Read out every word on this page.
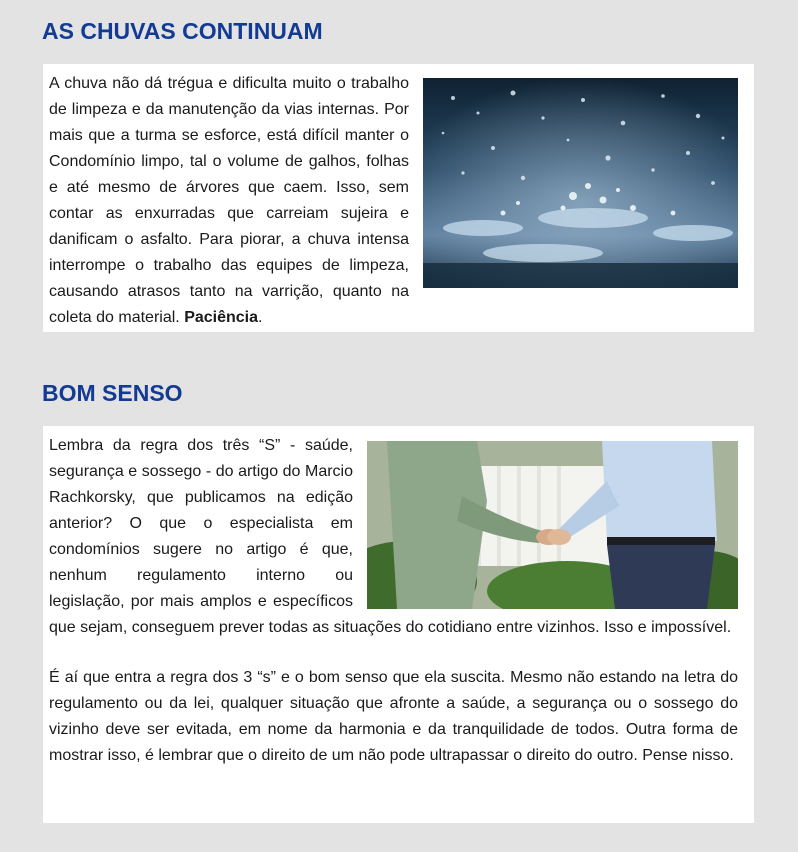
AS CHUVAS CONTINUAM

A chuva não dá trégua e dificulta muito o trabalho de limpeza e da manutenção da vias internas. Por mais que a turma se esforce, está difícil manter o Condomínio limpo, tal o volume de galhos, folhas e até mesmo de árvores que caem. Isso, sem contar as enxurradas que carreiam sujeira e danificam o asfalto. Para piorar, a chuva intensa interrompe o trabalho das equipes de limpeza, causando atrasos tanto na varrição, quanto na coleta do material. Paciência.

BOM SENSO

Lembra da regra dos três “S” - saúde, segurança e sossego - do artigo do Marcio Rachkorsky, que publicamos na edição anterior? O que o especialista em condomínios sugere no artigo é que, nenhum regulamento interno ou legislação, por mais amplos e específicos que sejam, conseguem prever todas as situações do cotidiano entre vizinhos. Isso e impossível.

É aí que entra a regra dos 3 “s” e o bom senso que ela suscita. Mesmo não estando na letra do regulamento ou da lei, qualquer situação que afronte a saúde, a segurança ou o sossego do vizinho deve ser evitada, em nome da harmonia e da tranquilidade de todos. Outra forma de mostrar isso, é lembrar que o direito de um não pode ultrapassar o direito do outro. Pense nisso.
